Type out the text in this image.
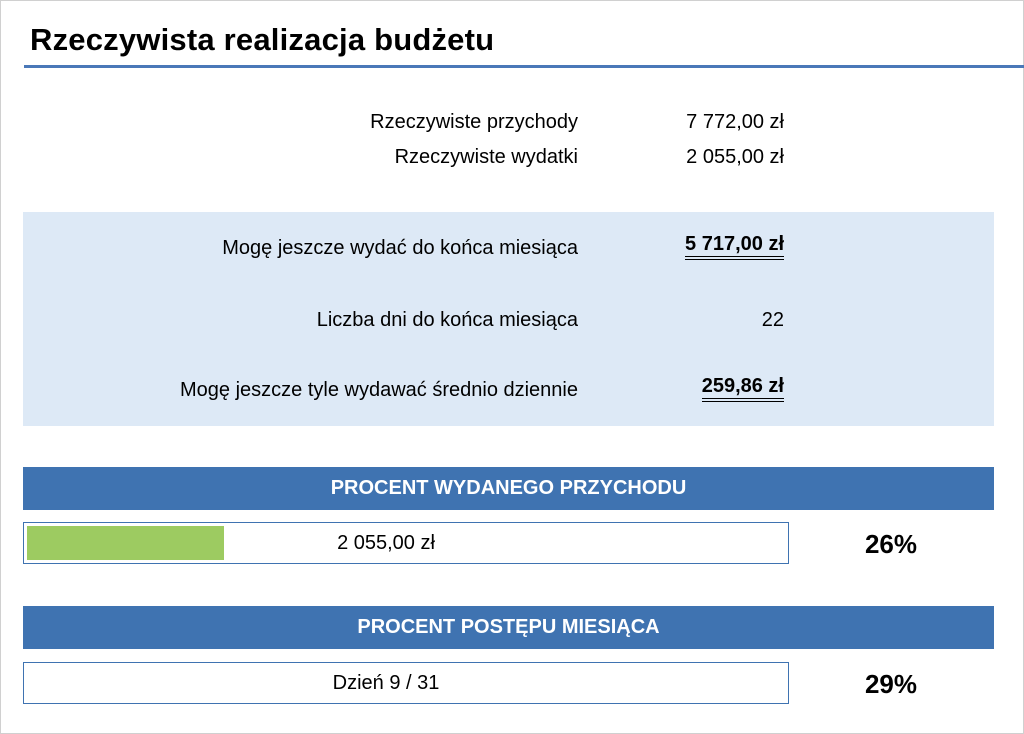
Rzeczywista realizacja budżetu
Rzeczywiste przychody	7 772,00 zł
Rzeczywiste wydatki	2 055,00 zł
Mogę jeszcze wydać do końca miesiąca	5 717,00 zł
Liczba dni do końca miesiąca	22
Mogę jeszcze tyle wydawać średnio dziennie	259,86 zł
PROCENT WYDANEGO PRZYCHODU
2 055,00 zł	26%
PROCENT POSTĘPU MIESIĄCA
Dzień 9 / 31	29%
